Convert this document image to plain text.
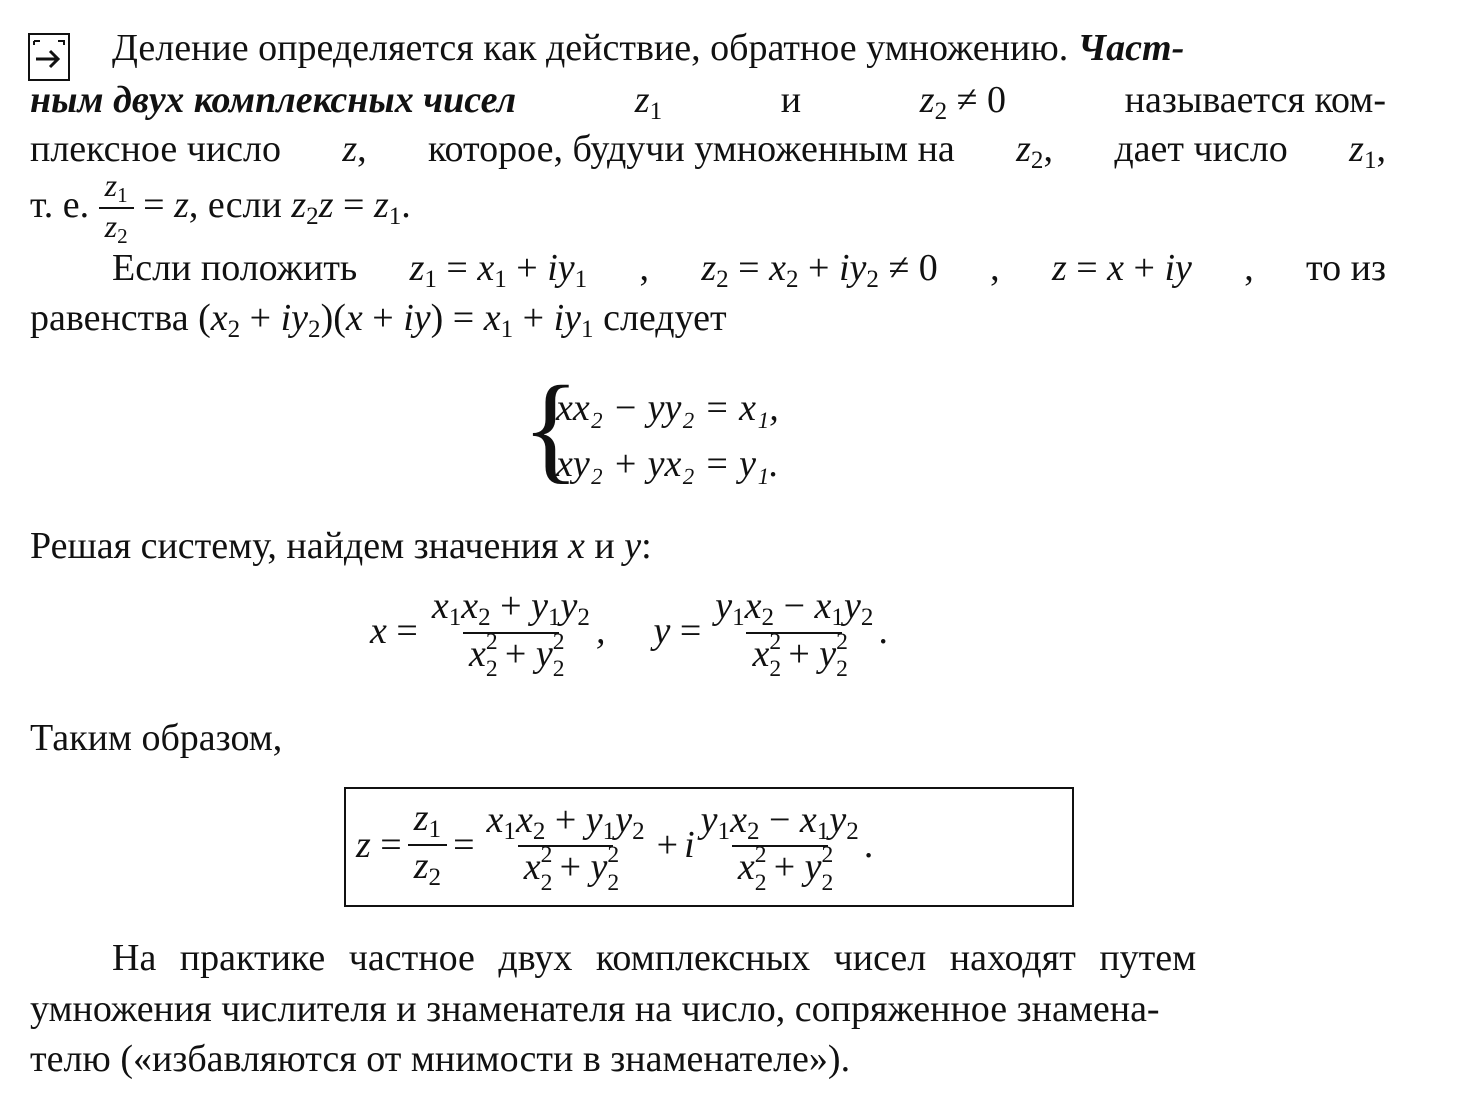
Деление определяется как действие, обратное умножению. Част-
ным двух комплексных чисел	$z_1$	и	$z_2 \ne 0$	называется ком-
плексное число z, которое, будучи умноженным на $z_2$, дает число $z_1$,
т. е. $\frac{z_1}{z_2} = z$, если $z_2z = z_1$.
Если положить $z_1 = x_1 + iy_1$ , $z_2 = x_2 + iy_2 \ne 0$ , z = x + iy , то из
равенства $(x_2 + iy_2)(x + iy) = x_1 + iy_1$ следует
{
xx₂ − yy₂ = x₁,
xy₂ + yx₂ = y₁.
Решая систему, найдем значения x и y:
$x = x_1x_2 + y_1y_2$
x 2
2 + y 2
2 , $y = y_1x_2 - x_1y_2$
x 2
2 + y 2
2 .
Таким образом,
$z = \frac{z_1}{z_2} = x_1x_2 + y_1y_2$
x 2
2 + y 2
2 + i $y_1x_2 - x_1y_2$
x 2
2 + y 2
2 .
На практике частное двух комплексных чисел находят путем
умножения числителя и знаменателя на число, сопряженное знамена-
телю («избавляются от мнимости в знаменателе»).
